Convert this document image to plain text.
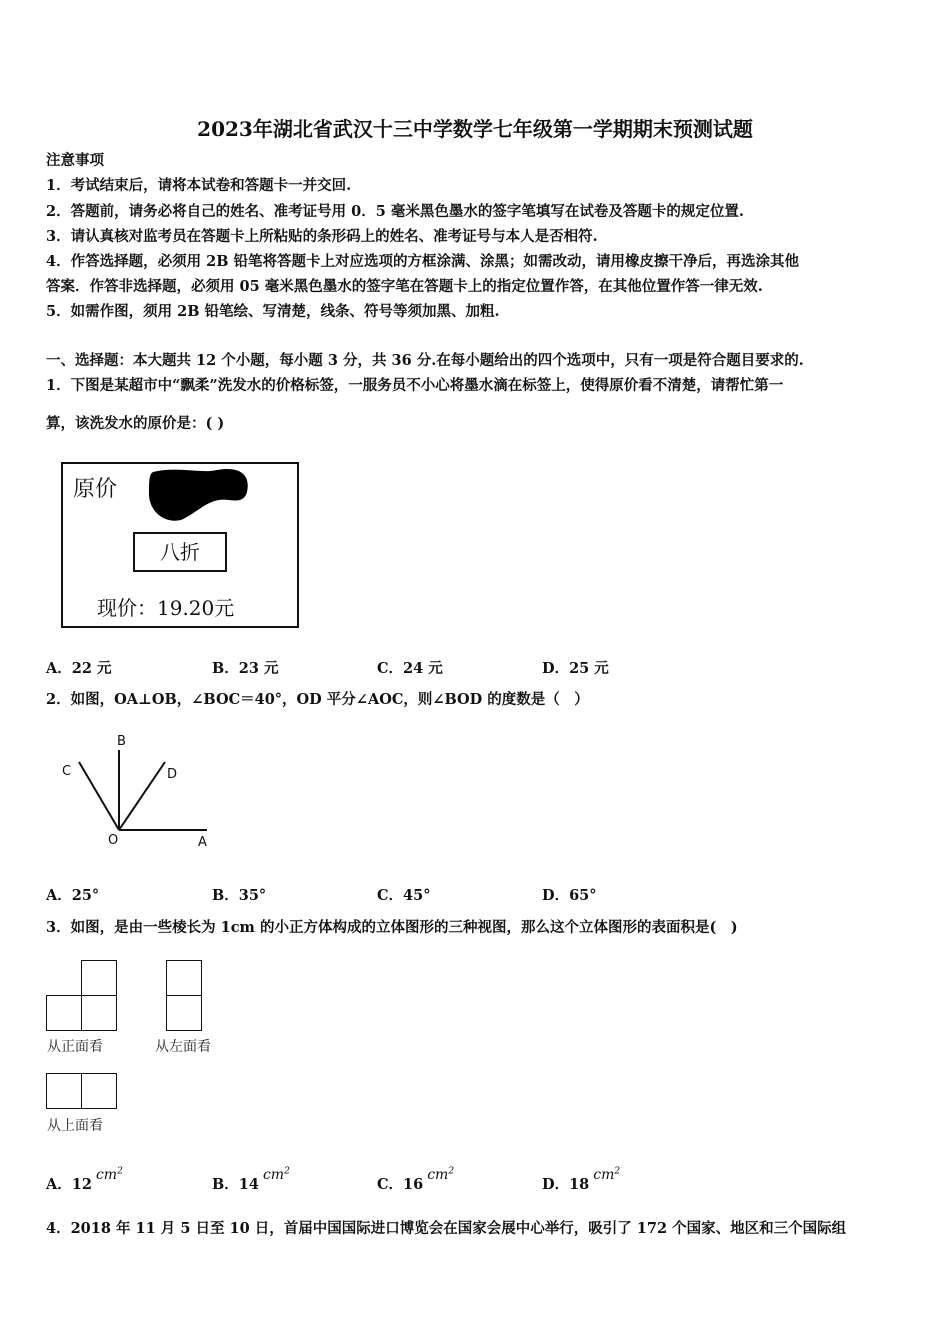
2023年湖北省武汉十三中学数学七年级第一学期期末预测试题
注意事项
1．考试结束后，请将本试卷和答题卡一并交回.
2．答题前，请务必将自己的姓名、准考证号用 0．5 毫米黑色墨水的签字笔填写在试卷及答题卡的规定位置.
3．请认真核对监考员在答题卡上所粘贴的条形码上的姓名、准考证号与本人是否相符.
4．作答选择题，必须用 2B 铅笔将答题卡上对应选项的方框涂满、涂黑；如需改动，请用橡皮擦干净后，再选涂其他
答案．作答非选择题，必须用 05 毫米黑色墨水的签字笔在答题卡上的指定位置作答，在其他位置作答一律无效.
5．如需作图，须用 2B 铅笔绘、写清楚，线条、符号等须加黑、加粗.
一、选择题：本大题共 12 个小题，每小题 3 分，共 36 分.在每小题给出的四个选项中，只有一项是符合题目要求的.
1．下图是某超市中“飘柔”洗发水的价格标签，一服务员不小心将墨水滴在标签上，使得原价看不清楚，请帮忙第一
算，该洗发水的原价是：( )
原价
八折
现价：19.20元
A．22 元	B．23 元	C．24 元	D．25 元
2．如图，OA⊥OB，∠BOC＝40°，OD 平分∠AOC，则∠BOD 的度数是（　）
B
C	D
O	A
A．25°	B．35°	C．45°	D．65°
3．如图，是由一些棱长为 1cm 的小正方体构成的立体图形的三种视图，那么这个立体图形的表面积是(　)
从正面看	从左面看
从上面看
A．$12cm^2$
B．$14cm^2$
C．$16cm^2$
D．$18cm^2$
4．2018 年 11 月 5 日至 10 日，首届中国国际进口博览会在国家会展中心举行，吸引了 172 个国家、地区和三个国际组
